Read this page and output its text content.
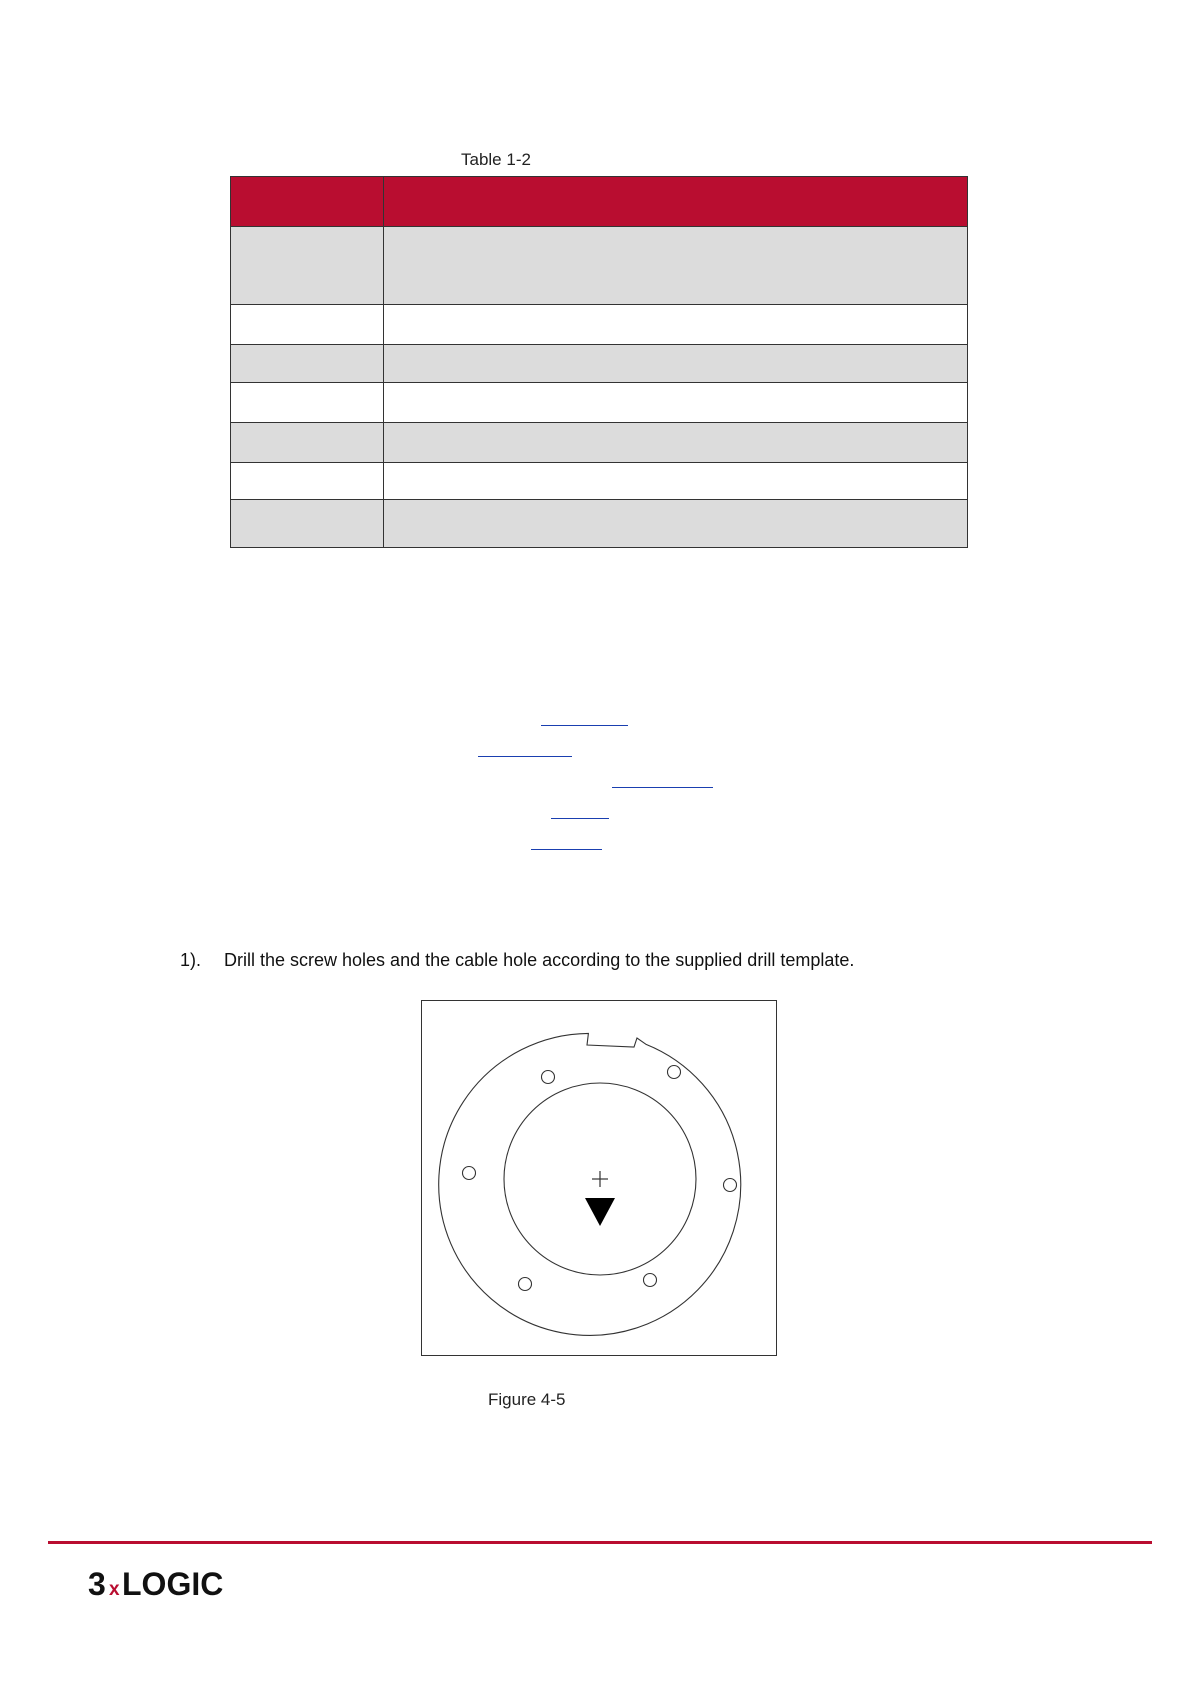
Table 1-2

1). Drill the screw holes and the cable hole according to the supplied drill template.
Figure 4-5
3 x LOGIC
